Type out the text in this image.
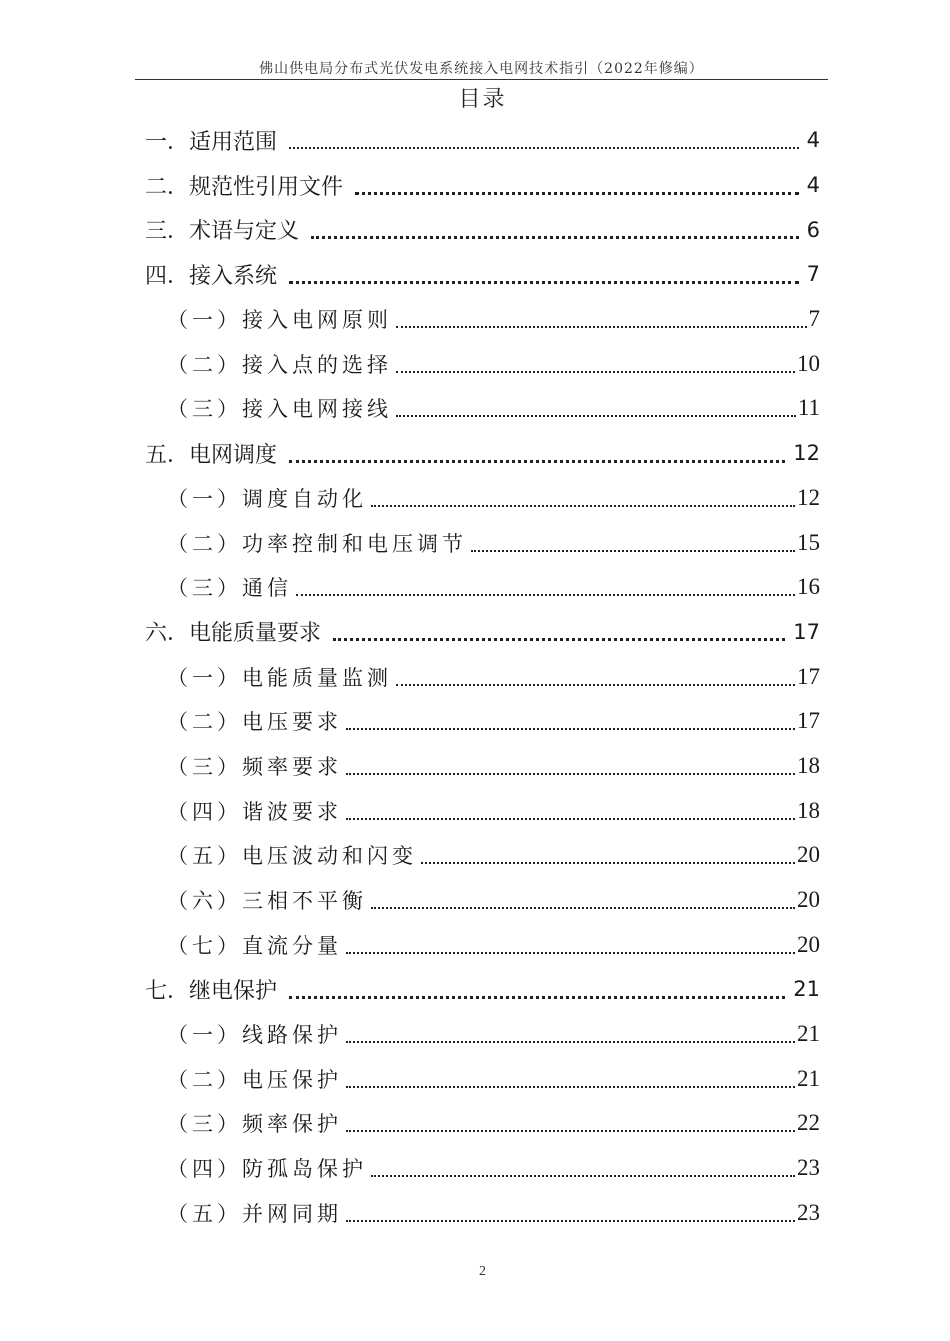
佛山供电局分布式光伏发电系统接入电网技术指引（2022年修编）
目录
一．适用范围	4
二．规范性引用文件	4
三．术语与定义	6
四．接入系统	7
（一）接入电网原则	7
（二）接入点的选择	10
（三）接入电网接线	11
五．电网调度	12
（一）调度自动化	12
（二）功率控制和电压调节	15
（三）通信	16
六．电能质量要求	17
（一）电能质量监测	17
（二）电压要求	17
（三）频率要求	18
（四）谐波要求	18
（五）电压波动和闪变	20
（六）三相不平衡	20
（七）直流分量	20
七．继电保护	21
（一）线路保护	21
（二）电压保护	21
（三）频率保护	22
（四）防孤岛保护	23
（五）并网同期	23
2
